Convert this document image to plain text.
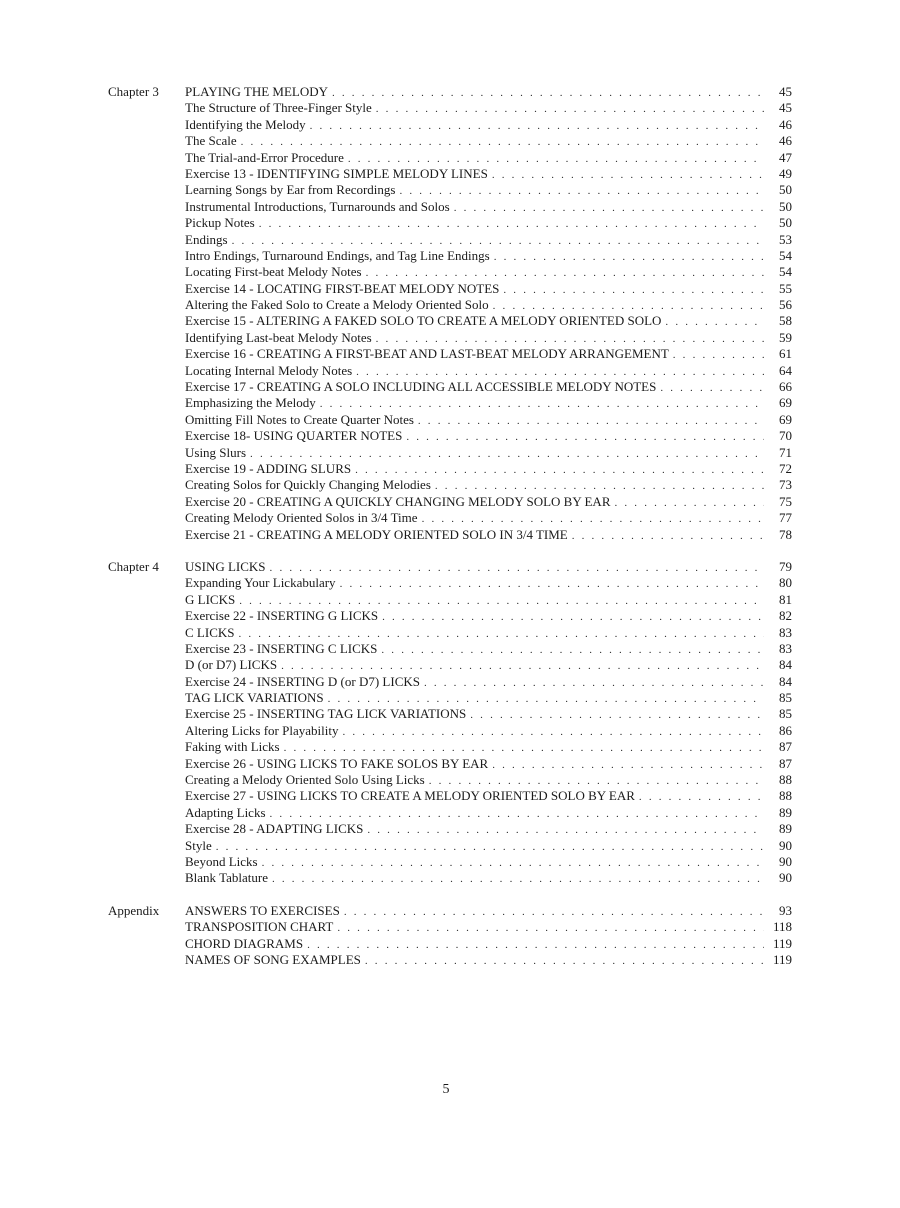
Chapter 3	PLAYING THE MELODY . . .	45
The Structure of Three-Finger Style . . .	45
Identifying the Melody . . .	46
The Scale . . .	46
The Trial-and-Error Procedure . . .	47
Exercise 13 - IDENTIFYING SIMPLE MELODY LINES . . .	49
Learning Songs by Ear from Recordings . . .	50
Instrumental Introductions, Turnarounds and Solos . . .	50
Pickup Notes . . .	50
Endings . . .	53
Intro Endings, Turnaround Endings, and Tag Line Endings . . .	54
Locating First-beat Melody Notes . . .	54
Exercise 14 - LOCATING FIRST-BEAT MELODY NOTES . . .	55
Altering the Faked Solo to Create a Melody Oriented Solo . . .	56
Exercise 15 - ALTERING A FAKED SOLO TO CREATE A MELODY ORIENTED SOLO . . .	58
Identifying Last-beat Melody Notes . . .	59
Exercise 16 - CREATING A FIRST-BEAT AND LAST-BEAT MELODY ARRANGEMENT . . .	61
Locating Internal Melody Notes . . .	64
Exercise 17 - CREATING A SOLO INCLUDING ALL ACCESSIBLE MELODY NOTES . . .	66
Emphasizing the Melody . . .	69
Omitting Fill Notes to Create Quarter Notes . . .	69
Exercise 18- USING QUARTER NOTES . . .	70
Using Slurs . . .	71
Exercise 19 - ADDING SLURS . . .	72
Creating Solos for Quickly Changing Melodies . . .	73
Exercise 20 - CREATING A QUICKLY CHANGING MELODY SOLO BY EAR . . .	75
Creating Melody Oriented Solos in 3/4 Time . . .	77
Exercise 21 - CREATING A MELODY ORIENTED SOLO IN 3/4 TIME . . .	78
Chapter 4	USING LICKS . . .	79
Expanding Your Lickabulary . . .	80
G LICKS . . .	81
Exercise 22 - INSERTING G LICKS . . .	82
C LICKS . . .	83
Exercise 23 - INSERTING C LICKS . . .	83
D (or D7) LICKS . . .	84
Exercise 24 - INSERTING D (or D7) LICKS . . .	84
TAG LICK VARIATIONS . . .	85
Exercise 25 - INSERTING TAG LICK VARIATIONS . . .	85
Altering Licks for Playability . . .	86
Faking with Licks . . .	87
Exercise 26 - USING LICKS TO FAKE SOLOS BY EAR . . .	87
Creating a Melody Oriented Solo Using Licks . . .	88
Exercise 27 - USING LICKS TO CREATE A MELODY ORIENTED SOLO BY EAR . . .	88
Adapting Licks . . .	89
Exercise 28 - ADAPTING LICKS . . .	89
Style . . .	90
Beyond Licks . . .	90
Blank Tablature . . .	90
Appendix	ANSWERS TO EXERCISES . . .	93
TRANSPOSITION CHART . . .	118
CHORD DIAGRAMS . . .	119
NAMES OF SONG EXAMPLES . . .	119
5
